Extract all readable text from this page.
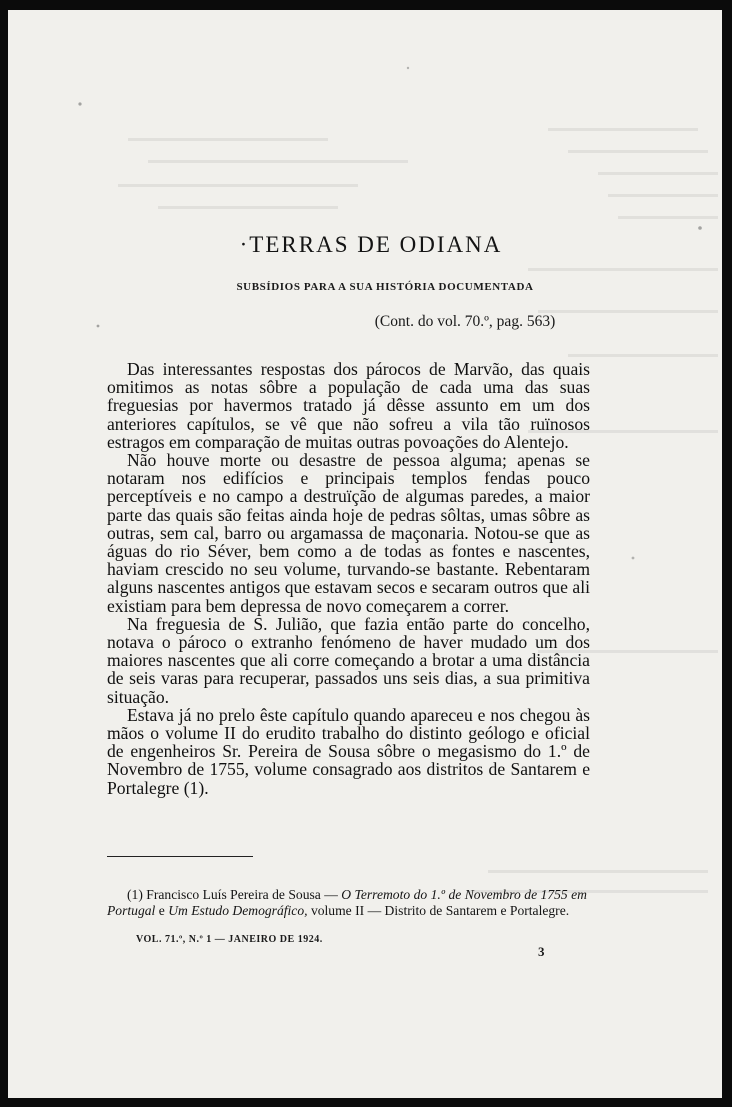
·TERRAS DE ODIANA
SUBSÍDIOS PARA A SUA HISTÓRIA DOCUMENTADA
(Cont. do vol. 70.º, pag. 563)

Das interessantes respostas dos párocos de Marvão, das quais omitimos as notas sôbre a população de cada uma das suas freguesias por havermos tratado já dêsse assunto em um dos anteriores capítulos, se vê que não sofreu a vila tão ruïnosos estragos em comparação de muitas outras povoações do Alentejo.

Não houve morte ou desastre de pessoa alguma; apenas se notaram nos edifícios e principais templos fendas pouco perceptíveis e no campo a destruïção de algumas paredes, a maior parte das quais são feitas ainda hoje de pedras sôltas, umas sôbre as outras, sem cal, barro ou argamassa de maçonaria. Notou-se que as águas do rio Séver, bem como a de todas as fontes e nascentes, haviam crescido no seu volume, turvando-se bastante. Rebentaram alguns nascentes antigos que estavam secos e secaram outros que ali existiam para bem depressa de novo começarem a correr.

Na freguesia de S. Julião, que fazia então parte do concelho, notava o pároco o extranho fenómeno de haver mudado um dos maiores nascentes que ali corre começando a brotar a uma distância de seis varas para recuperar, passados uns seis dias, a sua primitiva situação.

Estava já no prelo êste capítulo quando apareceu e nos chegou às mãos o volume II do erudito trabalho do distinto geólogo e oficial de engenheiros Sr. Pereira de Sousa sôbre o megasismo do 1.º de Novembro de 1755, volume consagrado aos distritos de Santarem e Portalegre (1).

(1) Francisco Luís Pereira de Sousa — O Terremoto do 1.º de Novembro de 1755 em Portugal e Um Estudo Demográfico, volume II — Distrito de Santarem e Portalegre.

VOL. 71.º, N.º 1 — JANEIRO DE 1924.
3
